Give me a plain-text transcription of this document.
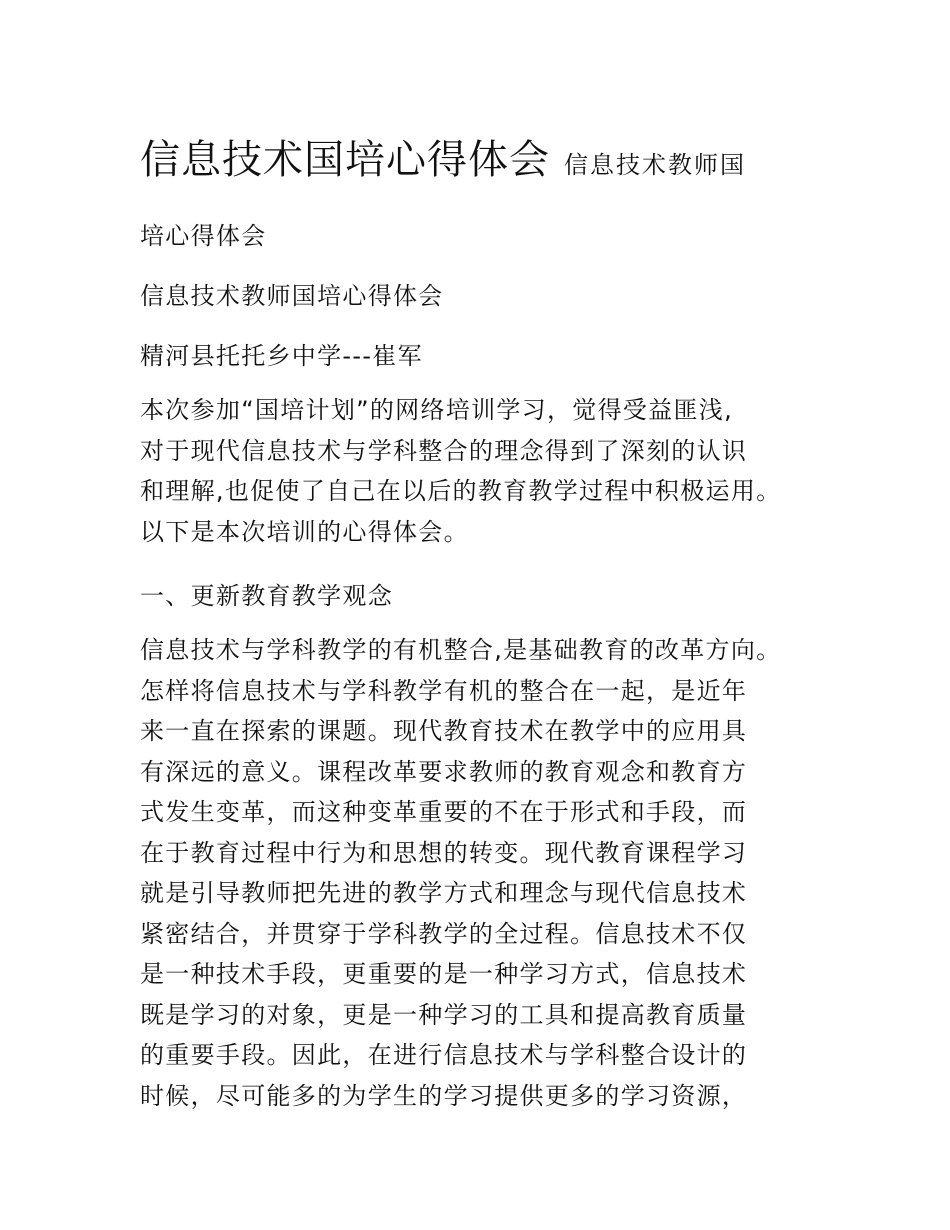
信息技术国培心得体会 信息技术教师国
培心得体会
信息技术教师国培心得体会
精河县托托乡中学---崔军
本次参加“国培计划”的网络培训学习，觉得受益匪浅,
对于现代信息技术与学科整合的理念得到了深刻的认识
和理解,也促使了自己在以后的教育教学过程中积极运用。
以下是本次培训的心得体会。
一、更新教育教学观念
信息技术与学科教学的有机整合,是基础教育的改革方向。
怎样将信息技术与学科教学有机的整合在一起，是近年
来一直在探索的课题。现代教育技术在教学中的应用具
有深远的意义。课程改革要求教师的教育观念和教育方
式发生变革，而这种变革重要的不在于形式和手段，而
在于教育过程中行为和思想的转变。现代教育课程学习
就是引导教师把先进的教学方式和理念与现代信息技术
紧密结合，并贯穿于学科教学的全过程。信息技术不仅
是一种技术手段，更重要的是一种学习方式，信息技术
既是学习的对象，更是一种学习的工具和提高教育质量
的重要手段。因此，在进行信息技术与学科整合设计的
时候，尽可能多的为学生的学习提供更多的学习资源，
